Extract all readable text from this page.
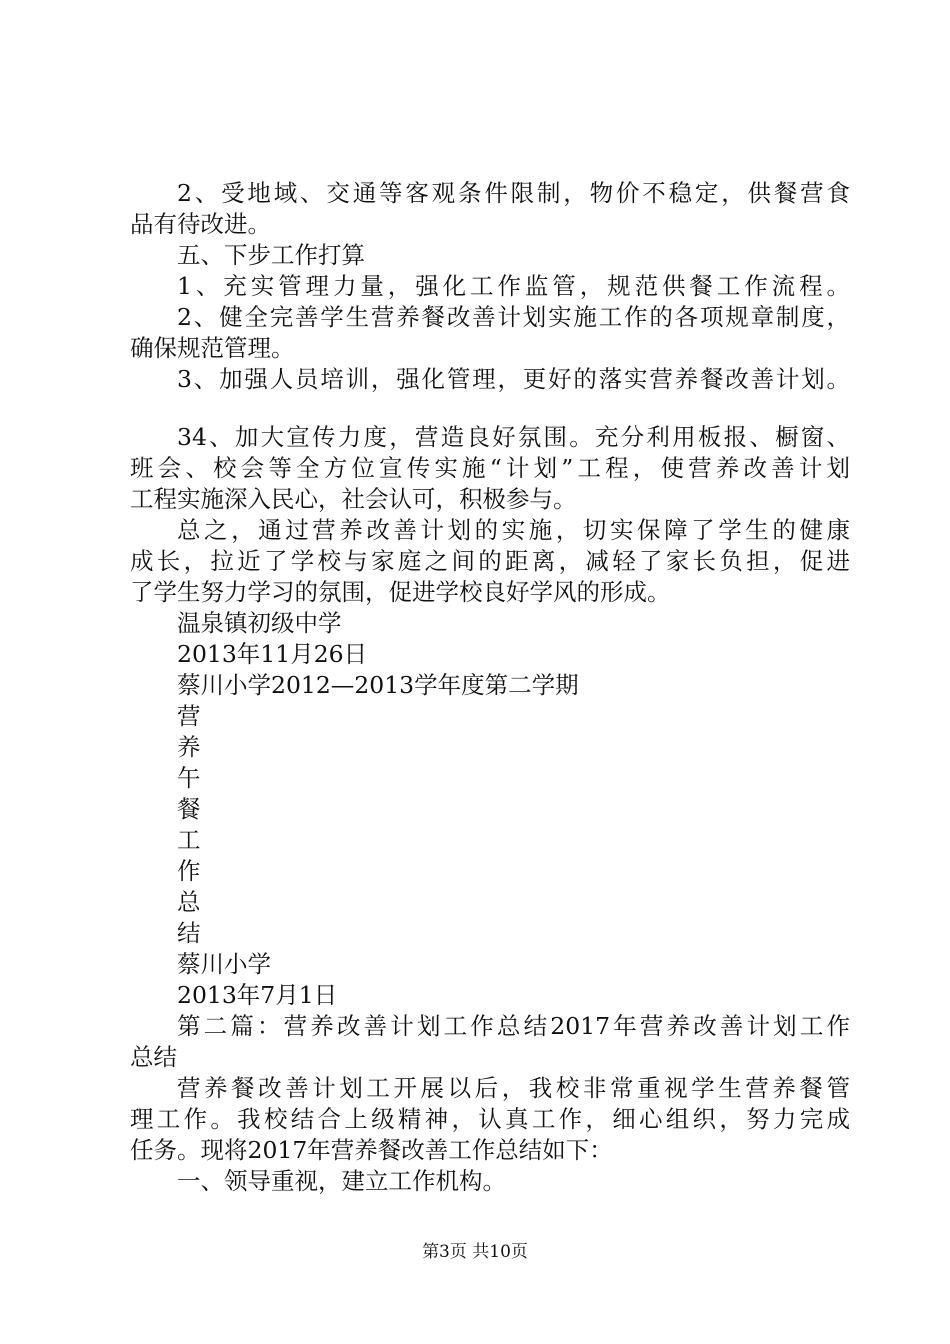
2、受地域、交通等客观条件限制，物价不稳定，供餐营食
品有待改进。
五、下步工作打算
1、充实管理力量，强化工作监管，规范供餐工作流程。
2、健全完善学生营养餐改善计划实施工作的各项规章制度，
确保规范管理。
3、加强人员培训，强化管理，更好的落实营养餐改善计划。
34、加大宣传力度，营造良好氛围。充分利用板报、橱窗、
班会、校会等全方位宣传实施“计划”工程，使营养改善计划
工程实施深入民心，社会认可，积极参与。
总之，通过营养改善计划的实施，切实保障了学生的健康
成长，拉近了学校与家庭之间的距离，减轻了家长负担，促进
了学生努力学习的氛围，促进学校良好学风的形成。
温泉镇初级中学
2013年11月26日
蔡川小学2012—2013学年度第二学期
营
养
午
餐
工
作
总
结
蔡川小学
2013年7月1日
第二篇：营养改善计划工作总结2017年营养改善计划工作
总结
营养餐改善计划工开展以后，我校非常重视学生营养餐管
理工作。我校结合上级精神，认真工作，细心组织，努力完成
任务。现将2017年营养餐改善工作总结如下：
一、领导重视，建立工作机构。
第3页 共10页
